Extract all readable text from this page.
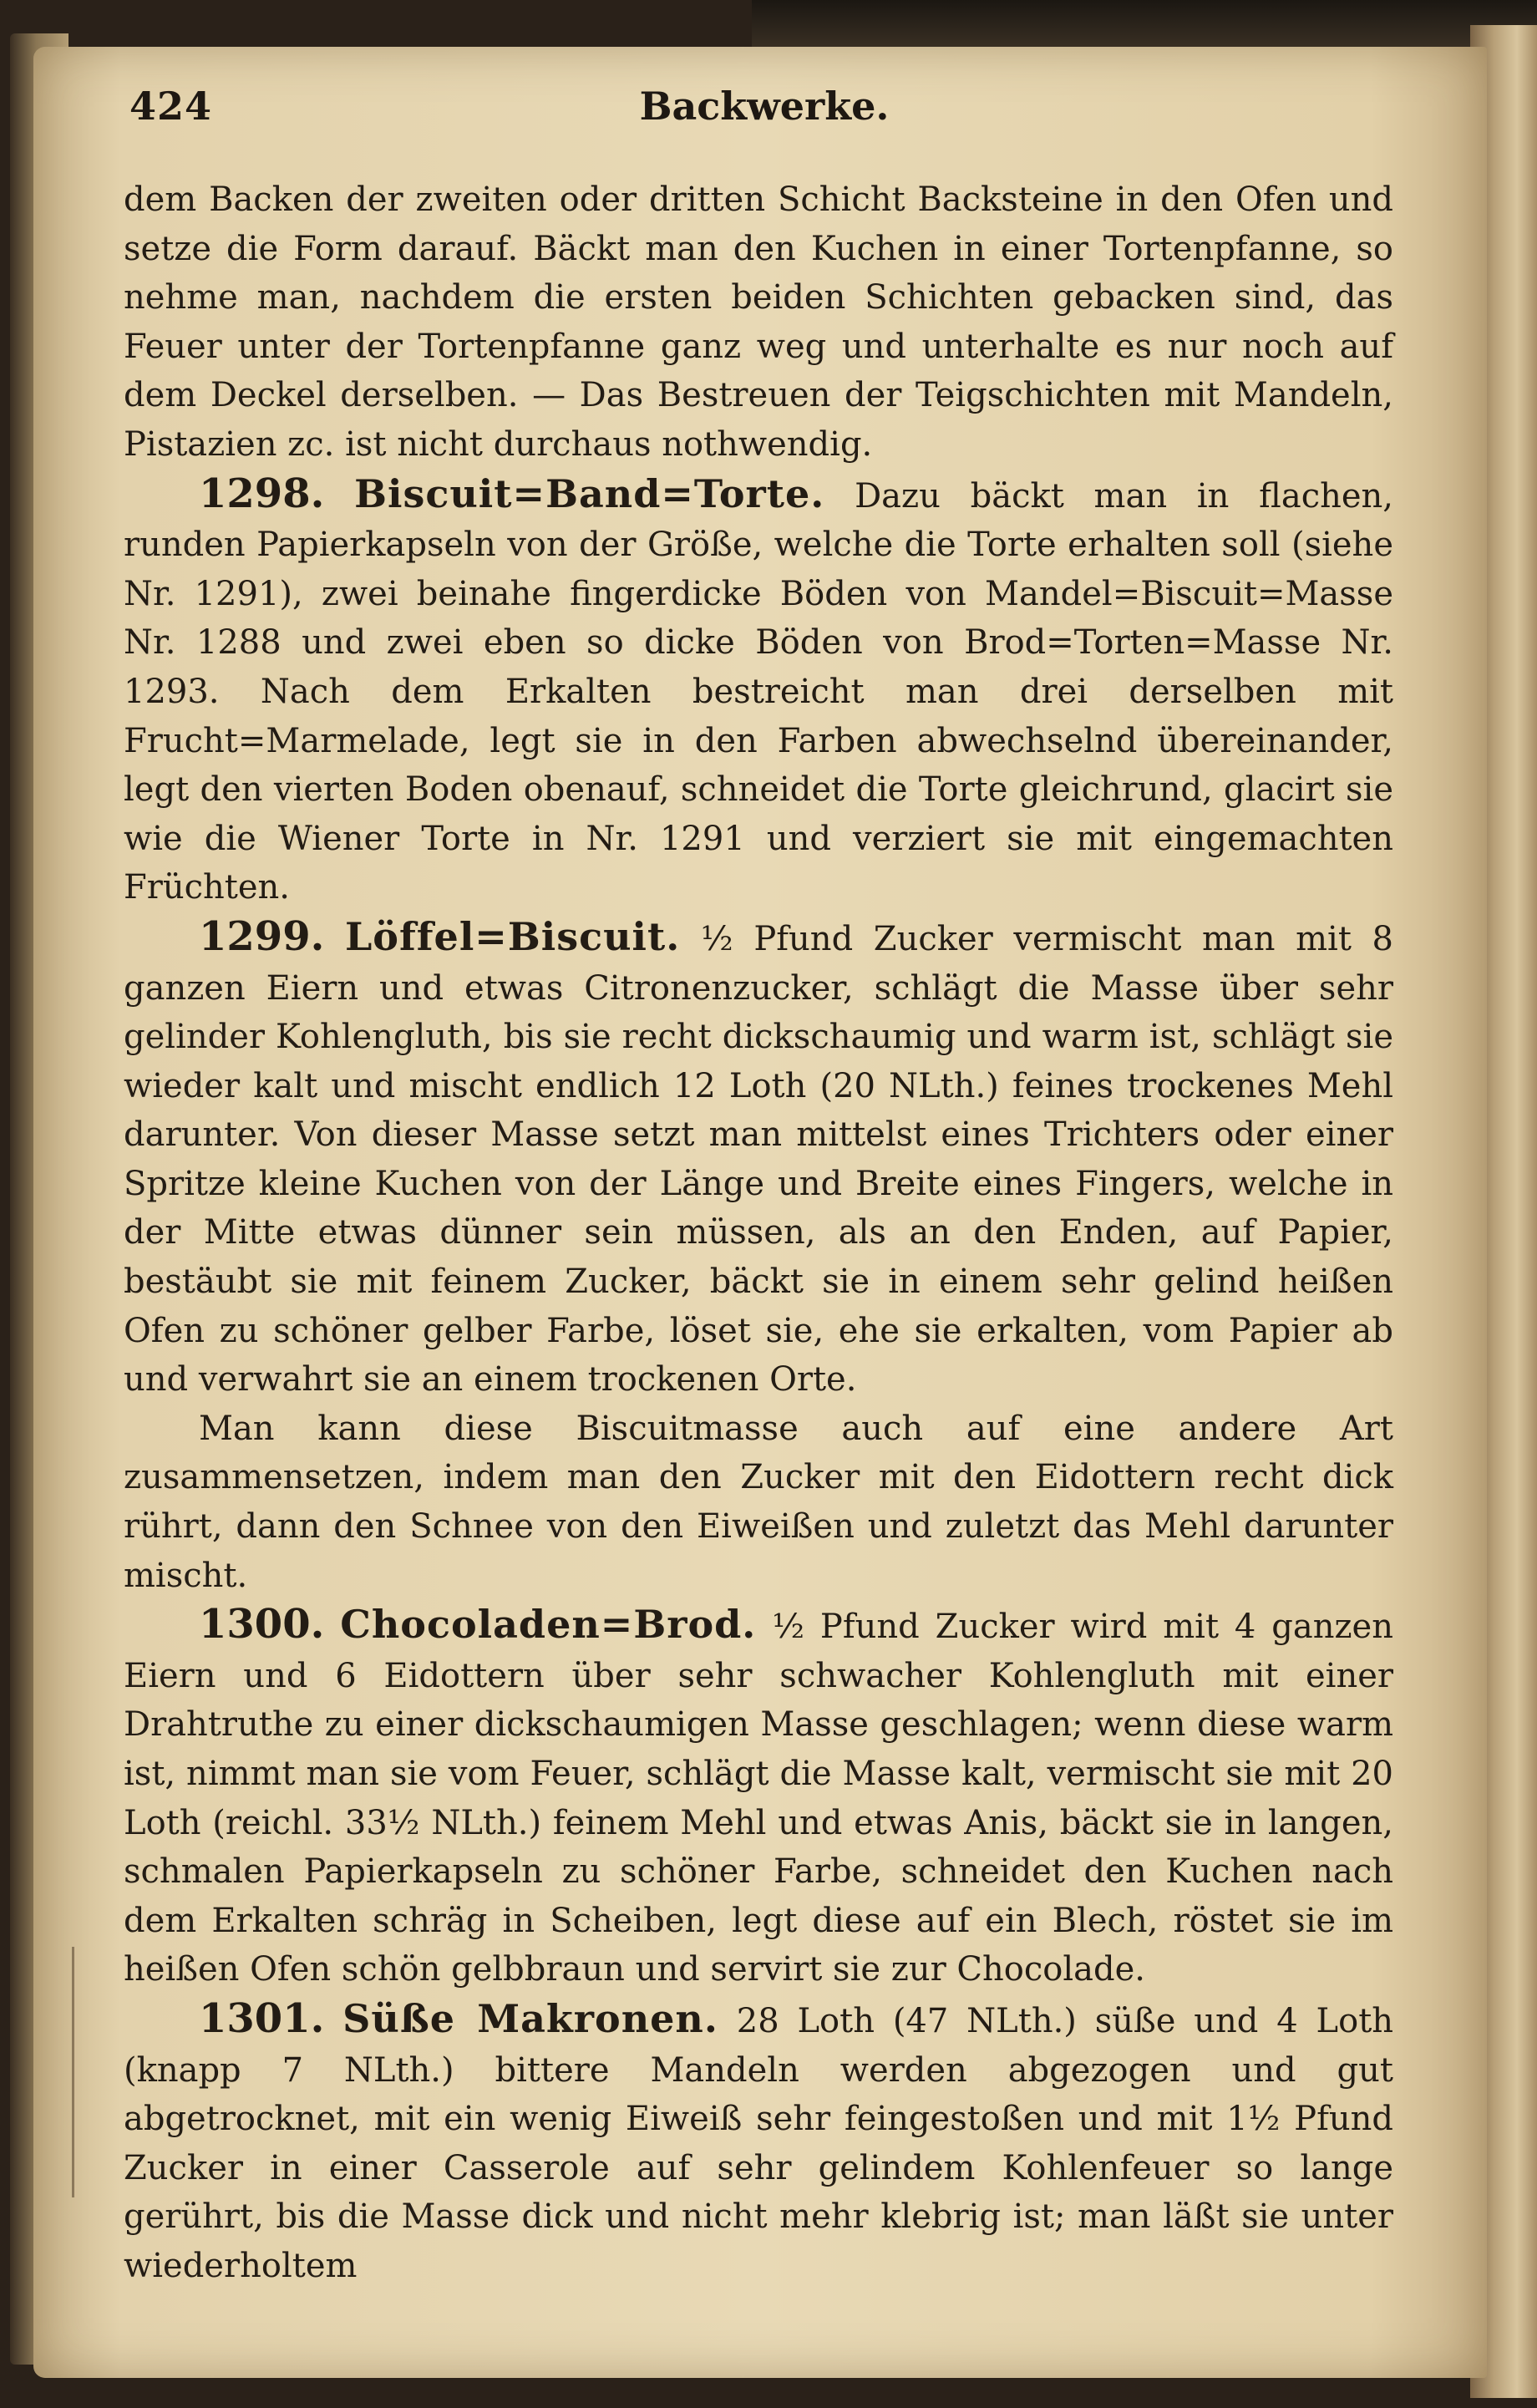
424	Backwerke.

dem Backen der zweiten oder dritten Schicht Backsteine in den Ofen und setze die Form darauf. Bäckt man den Kuchen in einer Tortenpfanne, so nehme man, nachdem die ersten beiden Schichten gebacken sind, das Feuer unter der Tortenpfanne ganz weg und unterhalte es nur noch auf dem Deckel derselben. — Das Bestreuen der Teigschichten mit Mandeln, Pistazien zc. ist nicht durchaus nothwendig.

1298. Biscuit=Band=Torte. Dazu bäckt man in flachen, runden Papierkapseln von der Größe, welche die Torte erhalten soll (siehe Nr. 1291), zwei beinahe fingerdicke Böden von Mandel=Biscuit=Masse Nr. 1288 und zwei eben so dicke Böden von Brod=Torten=Masse Nr. 1293. Nach dem Erkalten bestreicht man drei derselben mit Frucht=Marmelade, legt sie in den Farben abwechselnd übereinander, legt den vierten Boden obenauf, schneidet die Torte gleichrund, glacirt sie wie die Wiener Torte in Nr. 1291 und verziert sie mit eingemachten Früchten.

1299. Löffel=Biscuit. ½ Pfund Zucker vermischt man mit 8 ganzen Eiern und etwas Citronenzucker, schlägt die Masse über sehr gelinder Kohlengluth, bis sie recht dickschaumig und warm ist, schlägt sie wieder kalt und mischt endlich 12 Loth (20 NLth.) feines trockenes Mehl darunter. Von dieser Masse setzt man mittelst eines Trichters oder einer Spritze kleine Kuchen von der Länge und Breite eines Fingers, welche in der Mitte etwas dünner sein müssen, als an den Enden, auf Papier, bestäubt sie mit feinem Zucker, bäckt sie in einem sehr gelind heißen Ofen zu schöner gelber Farbe, löset sie, ehe sie erkalten, vom Papier ab und verwahrt sie an einem trockenen Orte.

Man kann diese Biscuitmasse auch auf eine andere Art zusammensetzen, indem man den Zucker mit den Eidottern recht dick rührt, dann den Schnee von den Eiweißen und zuletzt das Mehl darunter mischt.

1300. Chocoladen=Brod. ½ Pfund Zucker wird mit 4 ganzen Eiern und 6 Eidottern über sehr schwacher Kohlengluth mit einer Drahtruthe zu einer dickschaumigen Masse geschlagen; wenn diese warm ist, nimmt man sie vom Feuer, schlägt die Masse kalt, vermischt sie mit 20 Loth (reichl. 33½ NLth.) feinem Mehl und etwas Anis, bäckt sie in langen, schmalen Papierkapseln zu schöner Farbe, schneidet den Kuchen nach dem Erkalten schräg in Scheiben, legt diese auf ein Blech, röstet sie im heißen Ofen schön gelbbraun und servirt sie zur Chocolade.

1301. Süße Makronen. 28 Loth (47 NLth.) süße und 4 Loth (knapp 7 NLth.) bittere Mandeln werden abgezogen und gut abgetrocknet, mit ein wenig Eiweiß sehr feingestoßen und mit 1½ Pfund Zucker in einer Casserole auf sehr gelindem Kohlenfeuer so lange gerührt, bis die Masse dick und nicht mehr klebrig ist; man läßt sie unter wiederholtem
